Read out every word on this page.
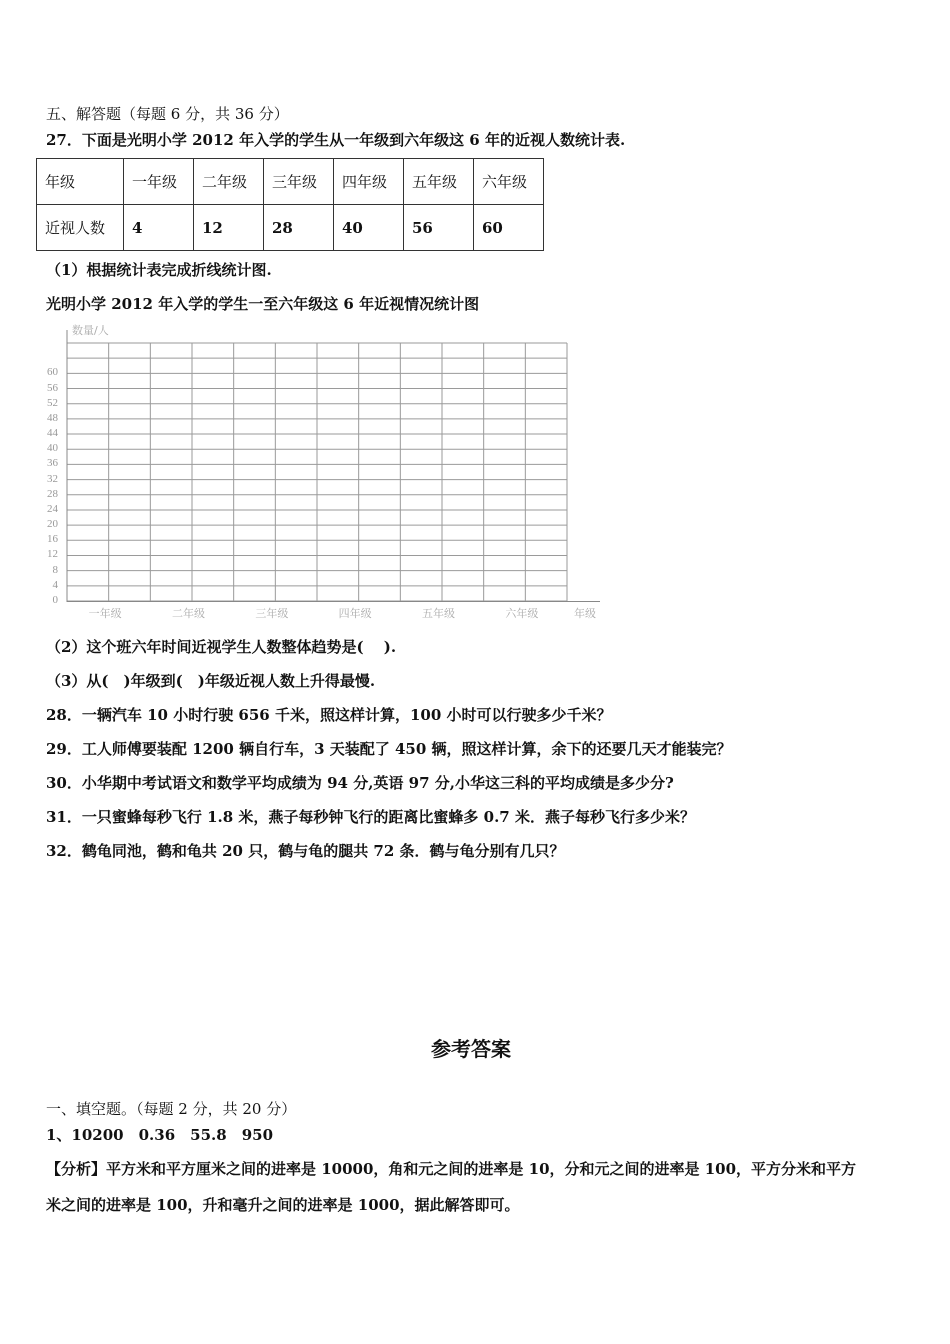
五、解答题（每题 6 分，共 36 分）
27．下面是光明小学 2012 年入学的学生从一年级到六年级这 6 年的近视人数统计表.
年级	一年级	二年级	三年级	四年级	五年级	六年级
近视人数	4	12	28	40	56	60
（1）根据统计表完成折线统计图.
光明小学 2012 年入学的学生一至六年级这 6 年近视情况统计图
数量/人
0
4
8
12
16
20
24
28
32
36
40
44
48
52
56
60
一年级	二年级	三年级	四年级	五年级	六年级	年级
（2）这个班六年时间近视学生人数整体趋势是(　 ).
（3）从(　)年级到(　)年级近视人数上升得最慢.
28．一辆汽车 10 小时行驶 656 千米，照这样计算，100 小时可以行驶多少千米？
29．工人师傅要装配 1200 辆自行车，3 天装配了 450 辆，照这样计算，余下的还要几天才能装完？
30．小华期中考试语文和数学平均成绩为 94 分,英语 97 分,小华这三科的平均成绩是多少分?
31．一只蜜蜂每秒飞行 1.8 米，燕子每秒钟飞行的距离比蜜蜂多 0.7 米．燕子每秒飞行多少米？
32．鹤龟同池，鹤和龟共 20 只，鹤与龟的腿共 72 条．鹤与龟分别有几只？
参考答案
一、填空题。（每题 2 分，共 20 分）
1、10200　0.36　55.8　950
【分析】平方米和平方厘米之间的进率是 10000，角和元之间的进率是 10，分和元之间的进率是 100，平方分米和平方
米之间的进率是 100，升和毫升之间的进率是 1000，据此解答即可。
